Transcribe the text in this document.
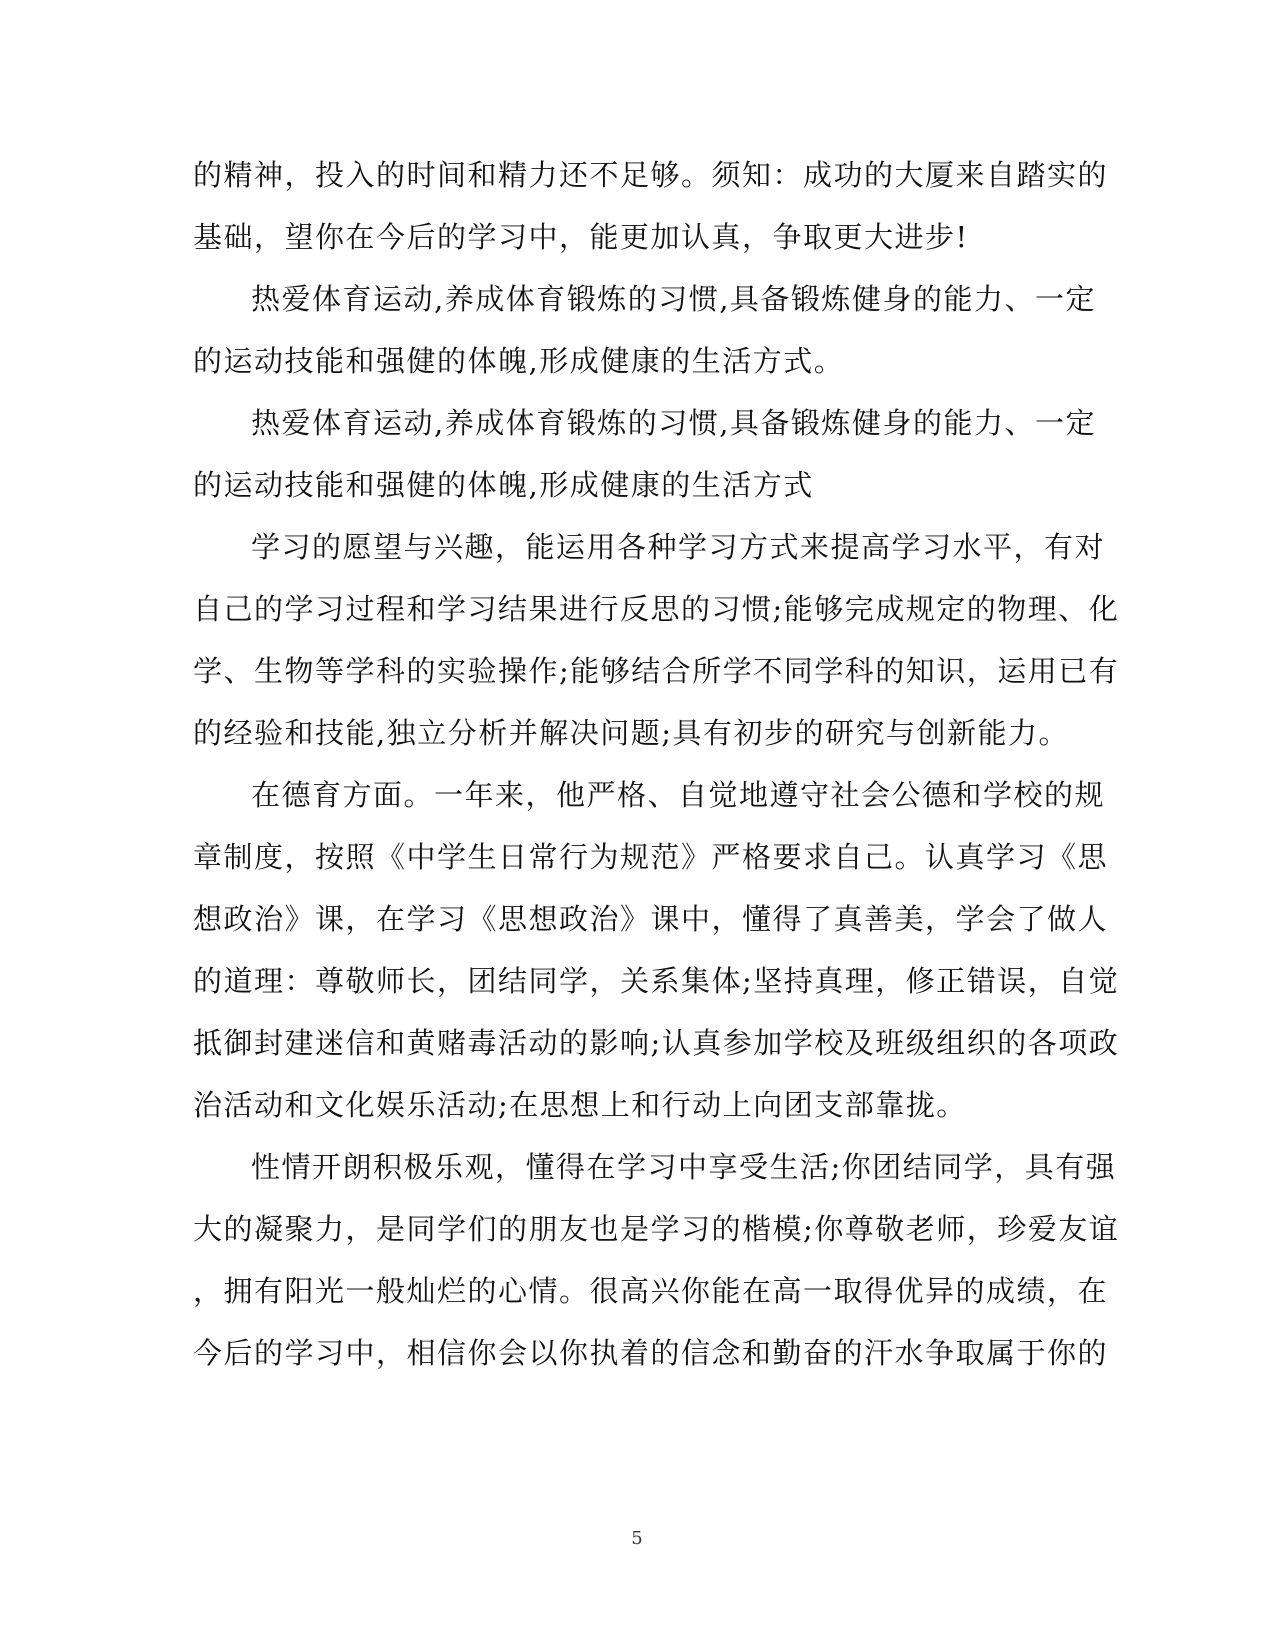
的精神，投入的时间和精力还不足够。须知：成功的大厦来自踏实的
基础，望你在今后的学习中，能更加认真，争取更大进步!
热爱体育运动,养成体育锻炼的习惯,具备锻炼健身的能力、一定
的运动技能和强健的体魄,形成健康的生活方式。
热爱体育运动,养成体育锻炼的习惯,具备锻炼健身的能力、一定
的运动技能和强健的体魄,形成健康的生活方式
学习的愿望与兴趣，能运用各种学习方式来提高学习水平，有对
自己的学习过程和学习结果进行反思的习惯;能够完成规定的物理、化
学、生物等学科的实验操作;能够结合所学不同学科的知识，运用已有
的经验和技能,独立分析并解决问题;具有初步的研究与创新能力。
在德育方面。一年来，他严格、自觉地遵守社会公德和学校的规
章制度，按照《中学生日常行为规范》严格要求自己。认真学习《思
想政治》课，在学习《思想政治》课中，懂得了真善美，学会了做人
的道理：尊敬师长，团结同学，关系集体;坚持真理，修正错误，自觉
抵御封建迷信和黄赌毒活动的影响;认真参加学校及班级组织的各项政
治活动和文化娱乐活动;在思想上和行动上向团支部靠拢。
性情开朗积极乐观，懂得在学习中享受生活;你团结同学，具有强
大的凝聚力，是同学们的朋友也是学习的楷模;你尊敬老师，珍爱友谊
，拥有阳光一般灿烂的心情。很高兴你能在高一取得优异的成绩，在
今后的学习中，相信你会以你执着的信念和勤奋的汗水争取属于你的
5
